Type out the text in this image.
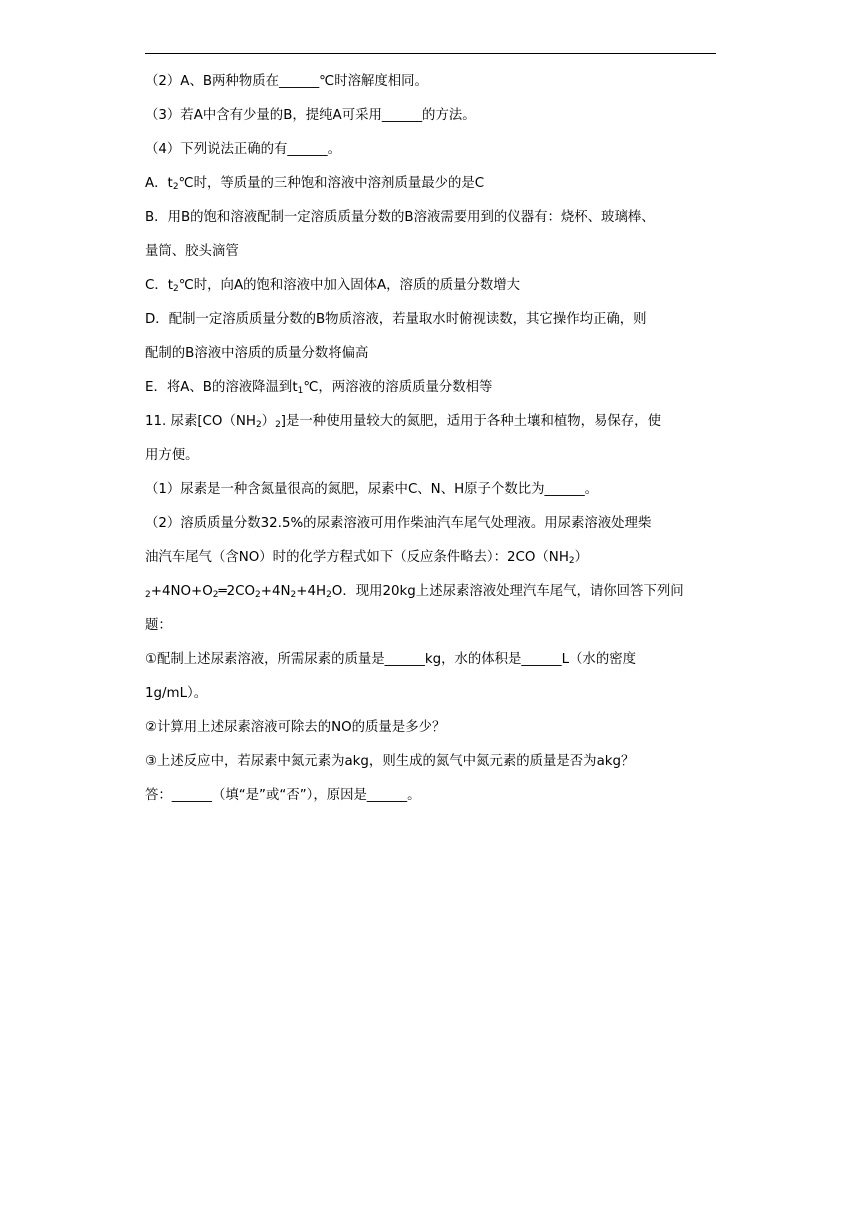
（2）A、B两种物质在______℃时溶解度相同。
（3）若A中含有少量的B，提纯A可采用______的方法。
（4）下列说法正确的有______。
A．$t_2℃$时，等质量的三种饱和溶液中溶剂质量最少的是C
B．用B的饱和溶液配制一定溶质质量分数的B溶液需要用到的仪器有：烧杯、玻璃棒、
量筒、胶头滴管
C．$t_2℃$时，向A的饱和溶液中加入固体A，溶质的质量分数增大
D．配制一定溶质质量分数的B物质溶液，若量取水时俯视读数，其它操作均正确，则
配制的B溶液中溶质的质量分数将偏高
E．将A、B的溶液降温到$t_1℃$，两溶液的溶质质量分数相等
11. 尿素$[CO(NH_2)_2]$是一种使用量较大的氮肥，适用于各种土壤和植物，易保存，使
用方便。
（1）尿素是一种含氮量很高的氮肥，尿素中C、N、H原子个数比为______。
（2）溶质质量分数32.5%的尿素溶液可用作柴油汽车尾气处理液。用尿素溶液处理柴
油汽车尾气（含NO）时的化学方程式如下（反应条件略去）：$2CO(NH_2)$
$_2+4NO+O_2═2CO_2+4N_2+4H_2O$．现用20kg上述尿素溶液处理汽车尾气，请你回答下列问
题：
①配制上述尿素溶液，所需尿素的质量是______kg，水的体积是______L（水的密度
1g/mL）。
②计算用上述尿素溶液可除去的NO的质量是多少？
③上述反应中，若尿素中氮元素为akg，则生成的氮气中氮元素的质量是否为akg？
答：______（填“是”或“否”），原因是______。
